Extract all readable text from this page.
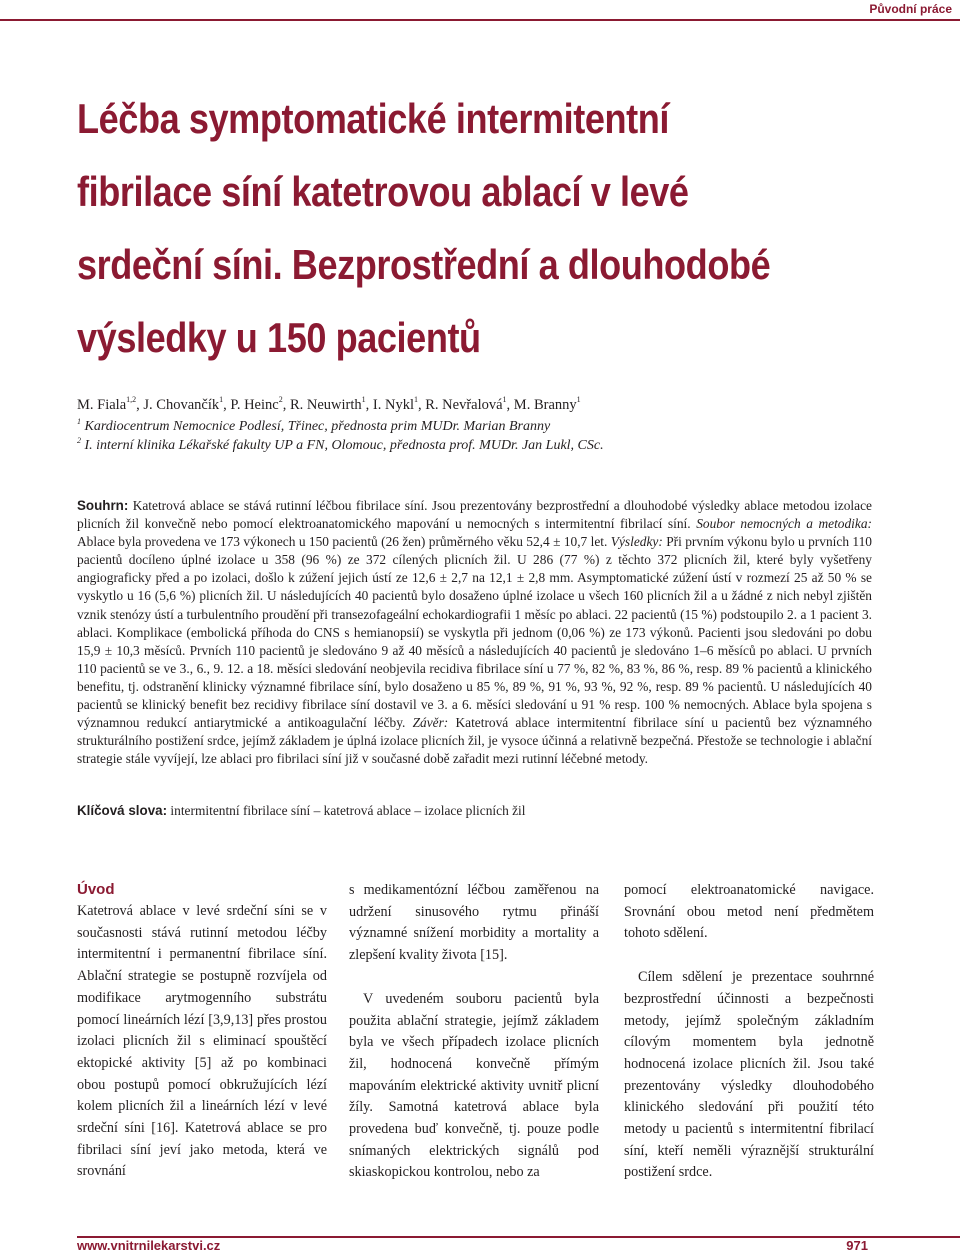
Původní práce
Léčba symptomatické intermitentní fibrilace síní katetrovou ablací v levé srdeční síni. Bezprostřední a dlouhodobé výsledky u 150 pacientů
M. Fiala$^{1,2}$, J. Chovančík$^1$, P. Heinc$^2$, R. Neuwirth$^1$, I. Nykl$^1$, R. Nevřalová$^1$, M. Branny$^1$
$^1$ Kardiocentrum Nemocnice Podlesí, Třinec, přednosta prim MUDr. Marian Branny
$^2$ I. interní klinika Lékařské fakulty UP a FN, Olomouc, přednosta prof. MUDr. Jan Lukl, CSc.

Souhrn: Katetrová ablace se stává rutinní léčbou fibrilace síní. Jsou prezentovány bezprostřední a dlouhodobé výsledky ablace metodou izolace plicních žil konvečně nebo pomocí elektroanatomického mapování u nemocných s intermitentní fibrilací síní. Soubor nemocných a metodika: Ablace byla provedena ve 173 výkonech u 150 pacientů (26 žen) průměrného věku 52,4 ± 10,7 let. Výsledky: Při prvním výkonu bylo u prvních 110 pacientů docíleno úplné izolace u 358 (96 %) ze 372 cílených plicních žil. U 286 (77 %) z těchto 372 plicních žil, které byly vyšetřeny angiograficky před a po izolaci, došlo k zúžení jejich ústí ze 12,6 ± 2,7 na 12,1 ± 2,8 mm. Asymptomatické zúžení ústí v rozmezí 25 až 50 % se vyskytlo u 16 (5,6 %) plicních žil. U následujících 40 pacientů bylo dosaženo úplné izolace u všech 160 plicních žil a u žádné z nich nebyl zjištěn vznik stenózy ústí a turbulentního proudění při transezofageální echokardiografii 1 měsíc po ablaci. 22 pacientů (15 %) podstoupilo 2. a 1 pacient 3. ablaci. Komplikace (embolická příhoda do CNS s hemianopsií) se vyskytla při jednom (0,06 %) ze 173 výkonů. Pacienti jsou sledováni po dobu 15,9 ± 10,3 měsíců. Prvních 110 pacientů je sledováno 9 až 40 měsíců a následujících 40 pacientů je sledováno 1–6 měsíců po ablaci. U prvních 110 pacientů se ve 3., 6., 9. 12. a 18. měsíci sledování neobjevila recidiva fibrilace síní u 77 %, 82 %, 83 %, 86 %, resp. 89 % pacientů a klinického benefitu, tj. odstranění klinicky významné fibrilace síní, bylo dosaženo u 85 %, 89 %, 91 %, 93 %, 92 %, resp. 89 % pacientů. U následujících 40 pacientů se klinický benefit bez recidivy fibrilace síní dostavil ve 3. a 6. měsíci sledování u 91 % resp. 100 % nemocných. Ablace byla spojena s významnou redukcí antiarytmické a antikoagulační léčby. Závěr: Katetrová ablace intermitentní fibrilace síní u pacientů bez významného strukturálního postižení srdce, jejímž základem je úplná izolace plicních žil, je vysoce účinná a relativně bezpečná. Přestože se technologie i ablační strategie stále vyvíjejí, lze ablaci pro fibrilaci síní již v současné době zařadit mezi rutinní léčebné metody.

Klíčová slova: intermitentní fibrilace síní – katetrová ablace – izolace plicních žil
Úvod

Katetrová ablace v levé srdeční síni se v současnosti stává rutinní metodou léčby intermitentní i permanentní fibrilace síní. Ablační strategie se postupně rozvíjela od modifikace arytmogenního substrátu pomocí lineárních lézí [3,9,13] přes prostou izolaci plicních žil s eliminací spouštěcí ektopické aktivity [5] až po kombinaci obou postupů pomocí obkružujících lézí kolem plicních žil a lineárních lézí v levé srdeční síni [16]. Katetrová ablace se pro fibrilaci síní jeví jako metoda, která ve srovnání

s medikamentózní léčbou zaměřenou na udržení sinusového rytmu přináší významné snížení morbidity a mortality a zlepšení kvality života [15].

V uvedeném souboru pacientů byla použita ablační strategie, jejímž základem byla ve všech případech izolace plicních žil, hodnocená konvečně přímým mapováním elektrické aktivity uvnitř plicní žíly. Samotná katetrová ablace byla provedena buď konvečně, tj. pouze podle snímaných elektrických signálů pod skiaskopickou kontrolou, nebo za

pomocí elektroanatomické navigace. Srovnání obou metod není předmětem tohoto sdělení.

Cílem sdělení je prezentace souhrnné bezprostřední účinnosti a bezpečnosti metody, jejímž společným základním cílovým momentem byla jednotně hodnocená izolace plicních žil. Jsou také prezentovány výsledky dlouhodobého klinického sledování při použití této metody u pacientů s intermitentní fibrilací síní, kteří neměli výraznější strukturální postižení srdce.

www.vnitrnilekarstvi.cz	971
